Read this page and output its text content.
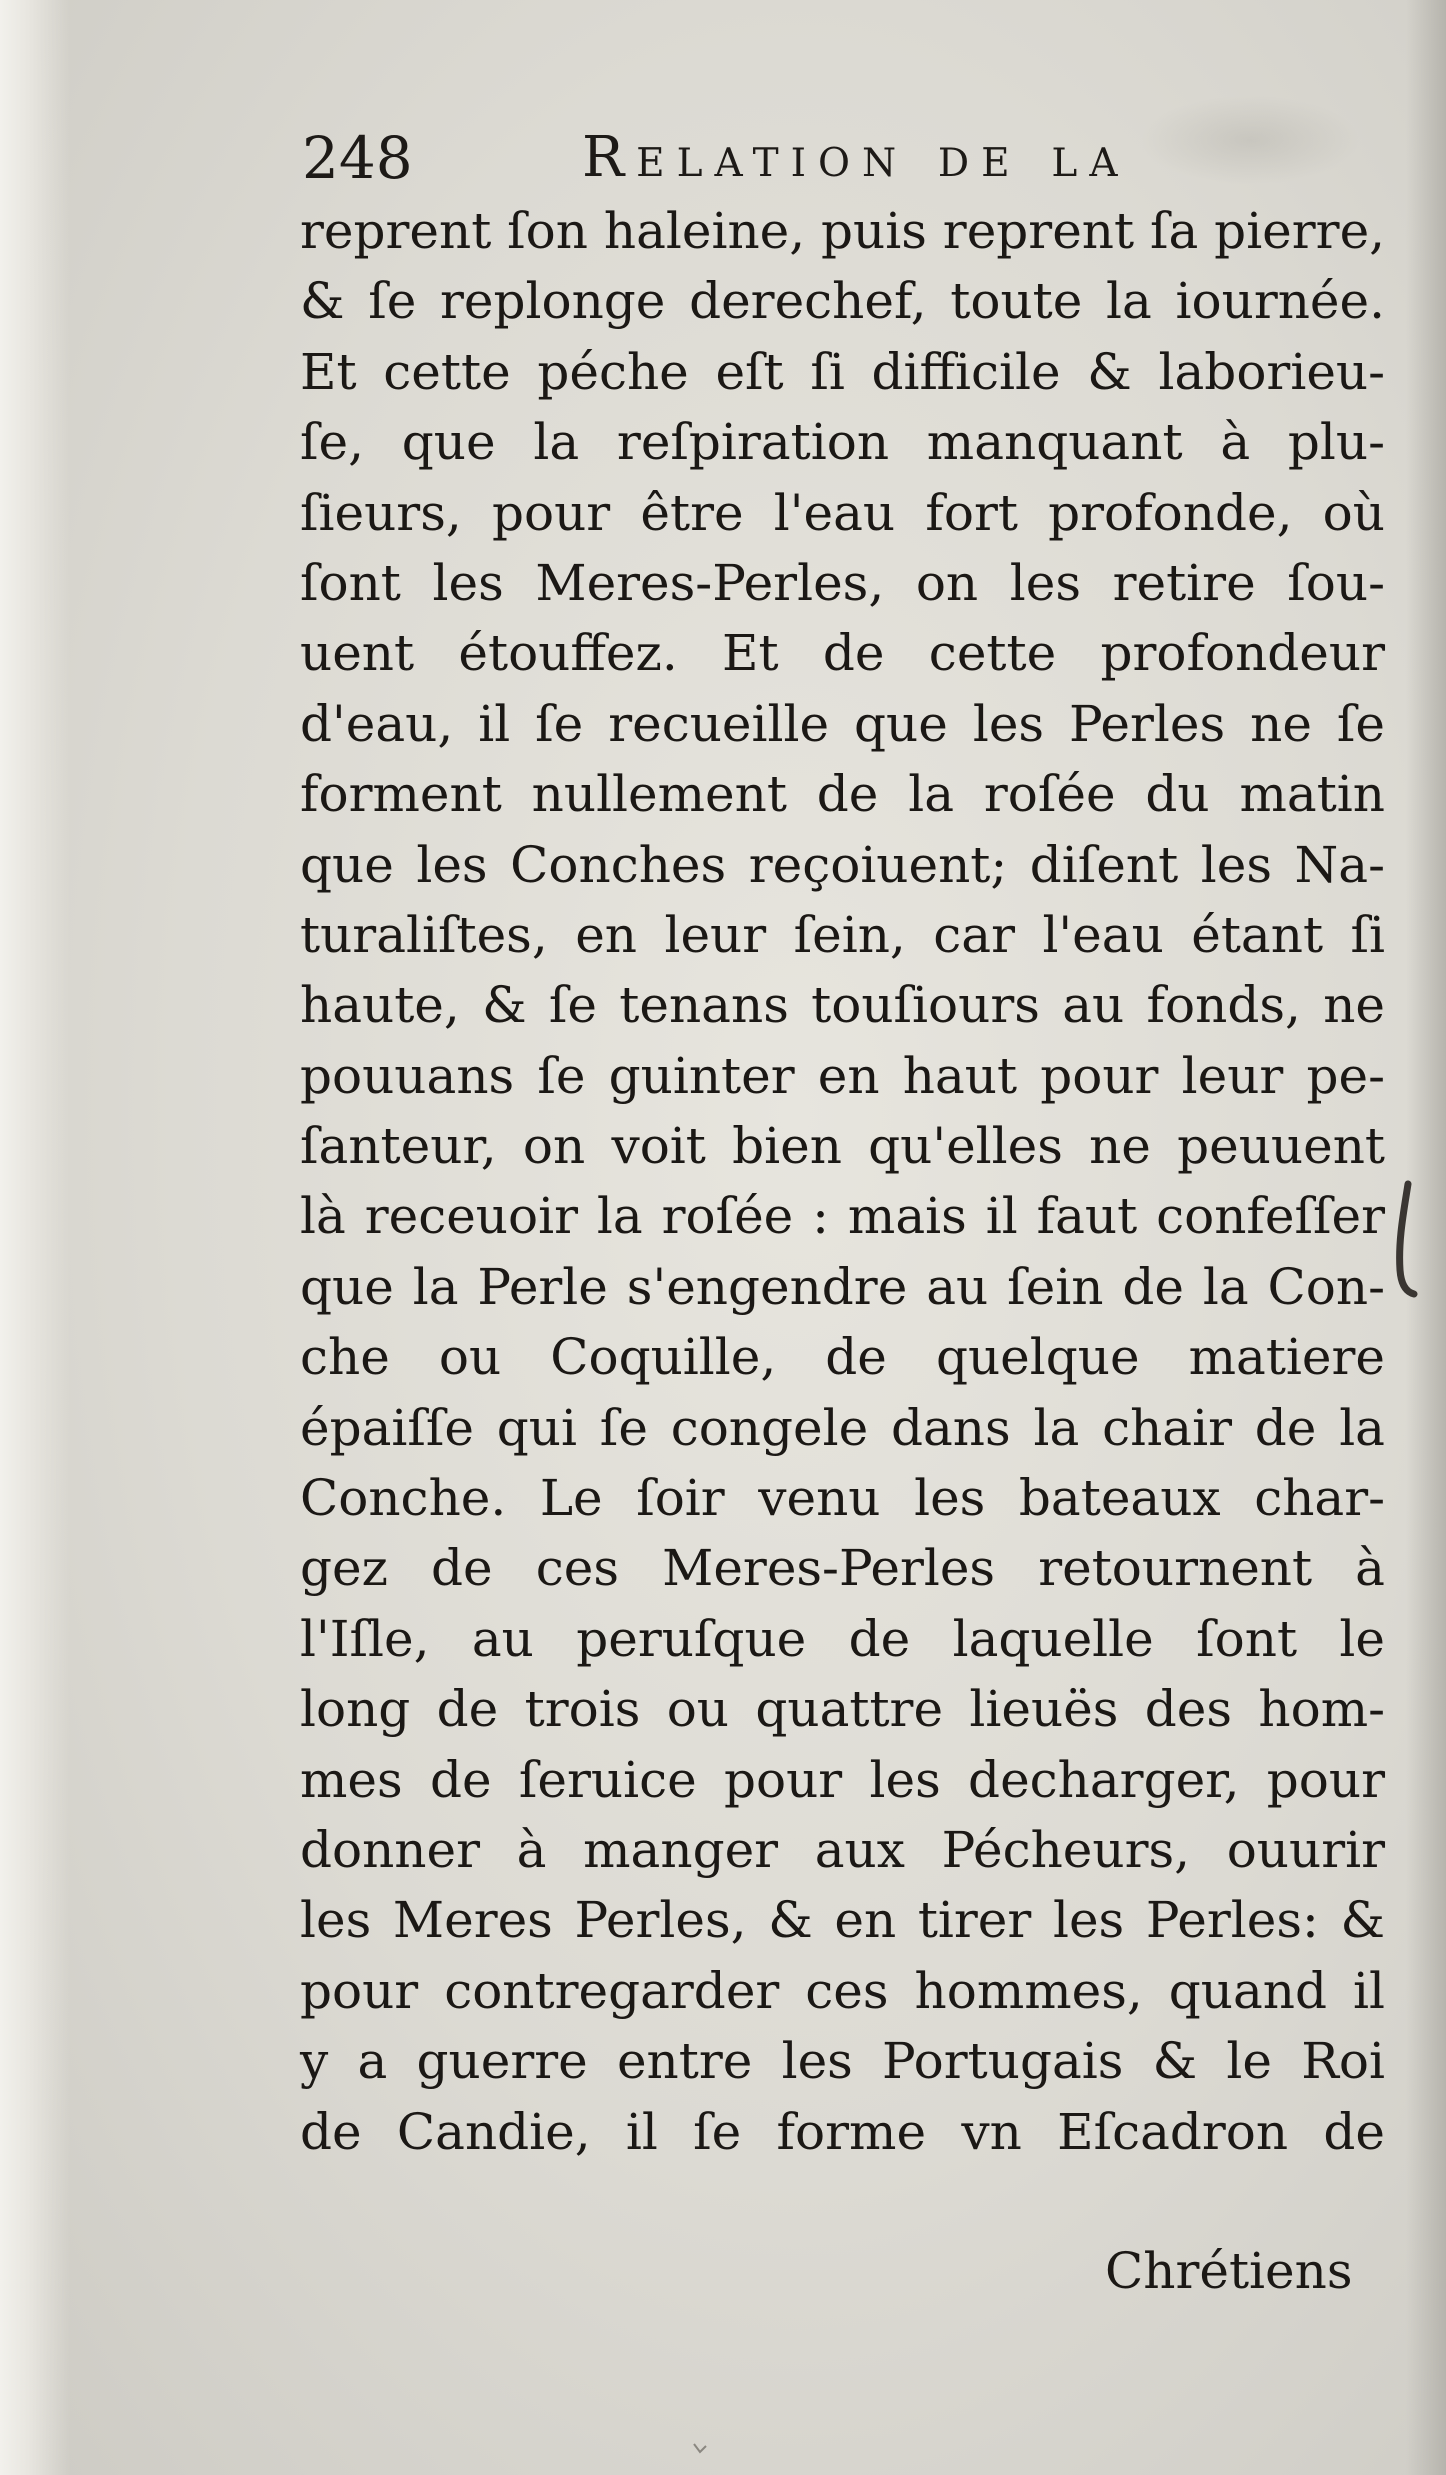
248	Relation de la
reprent ſon haleine, puis reprent ſa pierre,
& ſe replonge derechef, toute la iournée.
Et cette péche eſt ſi difficile & laborieu-
ſe, que la reſpiration manquant à plu-
ſieurs, pour être l'eau fort profonde, où
ſont les Meres-Perles, on les retire ſou-
uent étouffez. Et de cette profondeur
d'eau, il ſe recueille que les Perles ne ſe
forment nullement de la roſée du matin
que les Conches reçoiuent; diſent les Na-
turaliſtes, en leur ſein, car l'eau étant ſi
haute, & ſe tenans touſiours au fonds, ne
pouuans ſe guinter en haut pour leur pe-
ſanteur, on voit bien qu'elles ne peuuent
là receuoir la roſée : mais il faut confeſſer
que la Perle s'engendre au ſein de la Con-
che ou Coquille, de quelque matiere
épaiſſe qui ſe congele dans la chair de la
Conche. Le ſoir venu les bateaux char-
gez de ces Meres-Perles retournent à
l'Iſle, au peruſque de laquelle ſont le
long de trois ou quattre lieuës des hom-
mes de ſeruice pour les decharger, pour
donner à manger aux Pécheurs, ouurir
les Meres Perles, & en tirer les Perles: &
pour contregarder ces hommes, quand il
y a guerre entre les Portugais & le Roi
de Candie, il ſe forme vn Eſcadron de
Chrétiens
